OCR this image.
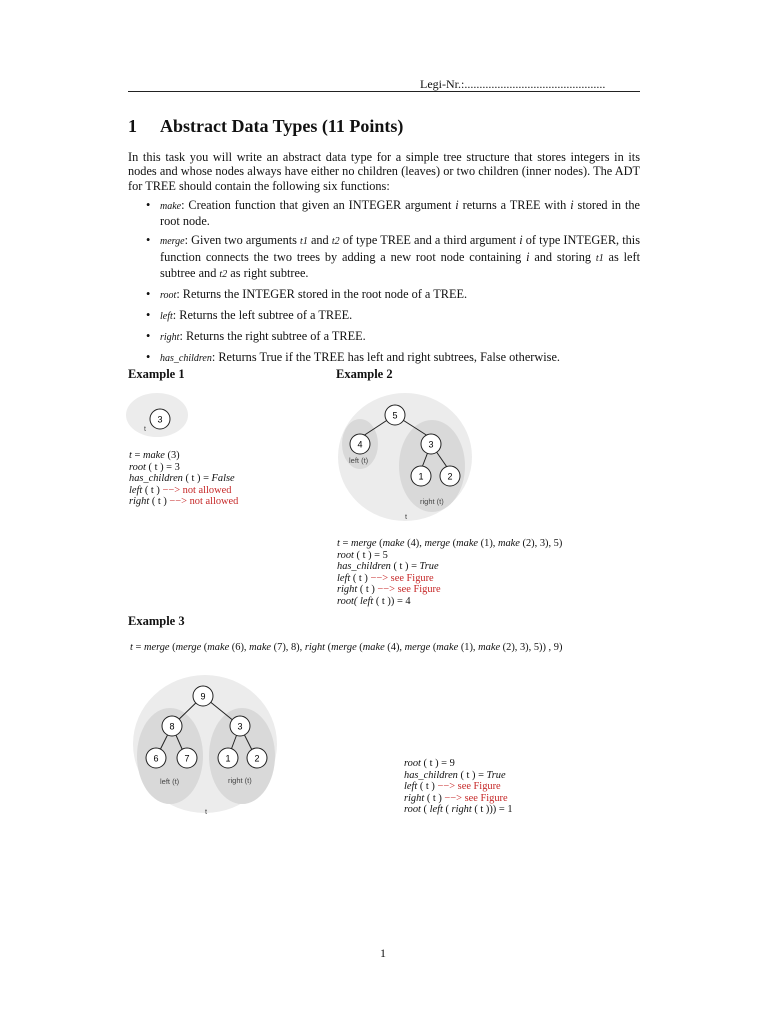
Legi-Nr.:...............................................
1 Abstract Data Types (11 Points)
In this task you will write an abstract data type for a simple tree structure that stores integers in its nodes and whose nodes always have either no children (leaves) or two children (inner nodes). The ADT for TREE should contain the following six functions:
• make: Creation function that given an INTEGER argument i returns a TREE with i stored in the root node.
• merge: Given two arguments t1 and t2 of type TREE and a third argument i of type INTEGER, this function connects the two trees by adding a new root node containing i and storing t1 as left subtree and t2 as right subtree.
• root: Returns the INTEGER stored in the root node of a TREE.
• left: Returns the left subtree of a TREE.
• right: Returns the right subtree of a TREE.
• has_children: Returns True if the TREE has left and right subtrees, False otherwise.
Example 1
3
t
t = make (3)
root ( t ) = 3
has_children ( t ) = False
left ( t ) −−> not allowed
right ( t ) −−> not allowed
Example 2
5
4	3
1	2
left (t)
right (t)
t
t = merge (make (4), merge (make (1), make (2), 3), 5)
root ( t ) = 5
has_children ( t ) = True
left ( t ) −−> see Figure
right ( t ) −−> see Figure
root( left ( t )) = 4
Example 3
t = merge (merge (make (6), make (7), 8), right (merge (make (4), merge (make (1), make (2), 3), 5)) , 9)
9
8	3
6	7	1	2
left (t)	right (t)
t
root ( t ) = 9
has_children ( t ) = True
left ( t ) −−> see Figure
right ( t ) −−> see Figure
root ( left ( right ( t ))) = 1
1
